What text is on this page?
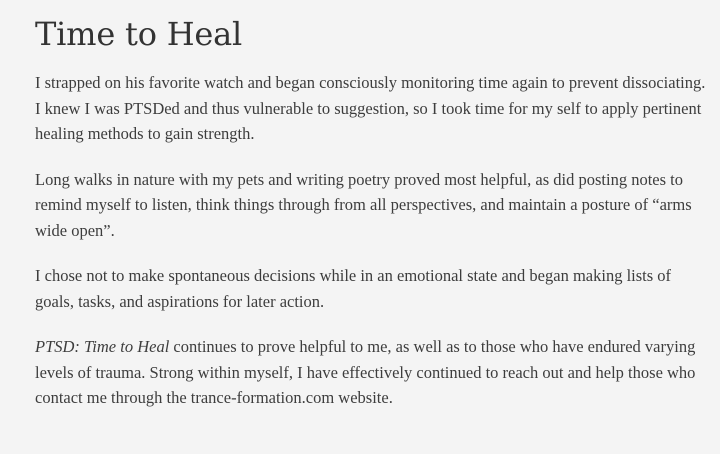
Time to Heal

I strapped on his favorite watch and began consciously monitoring time again to prevent dissociating. I knew I was PTSDed and thus vulnerable to suggestion, so I took time for my self to apply pertinent healing methods to gain strength.

Long walks in nature with my pets and writing poetry proved most helpful, as did posting notes to remind myself to listen, think things through from all perspectives, and maintain a posture of “arms wide open”.

I chose not to make spontaneous decisions while in an emotional state and began making lists of goals, tasks, and aspirations for later action.

PTSD: Time to Heal continues to prove helpful to me, as well as to those who have endured varying levels of trauma. Strong within myself, I have effectively continued to reach out and help those who contact me through the trance-formation.com website.
